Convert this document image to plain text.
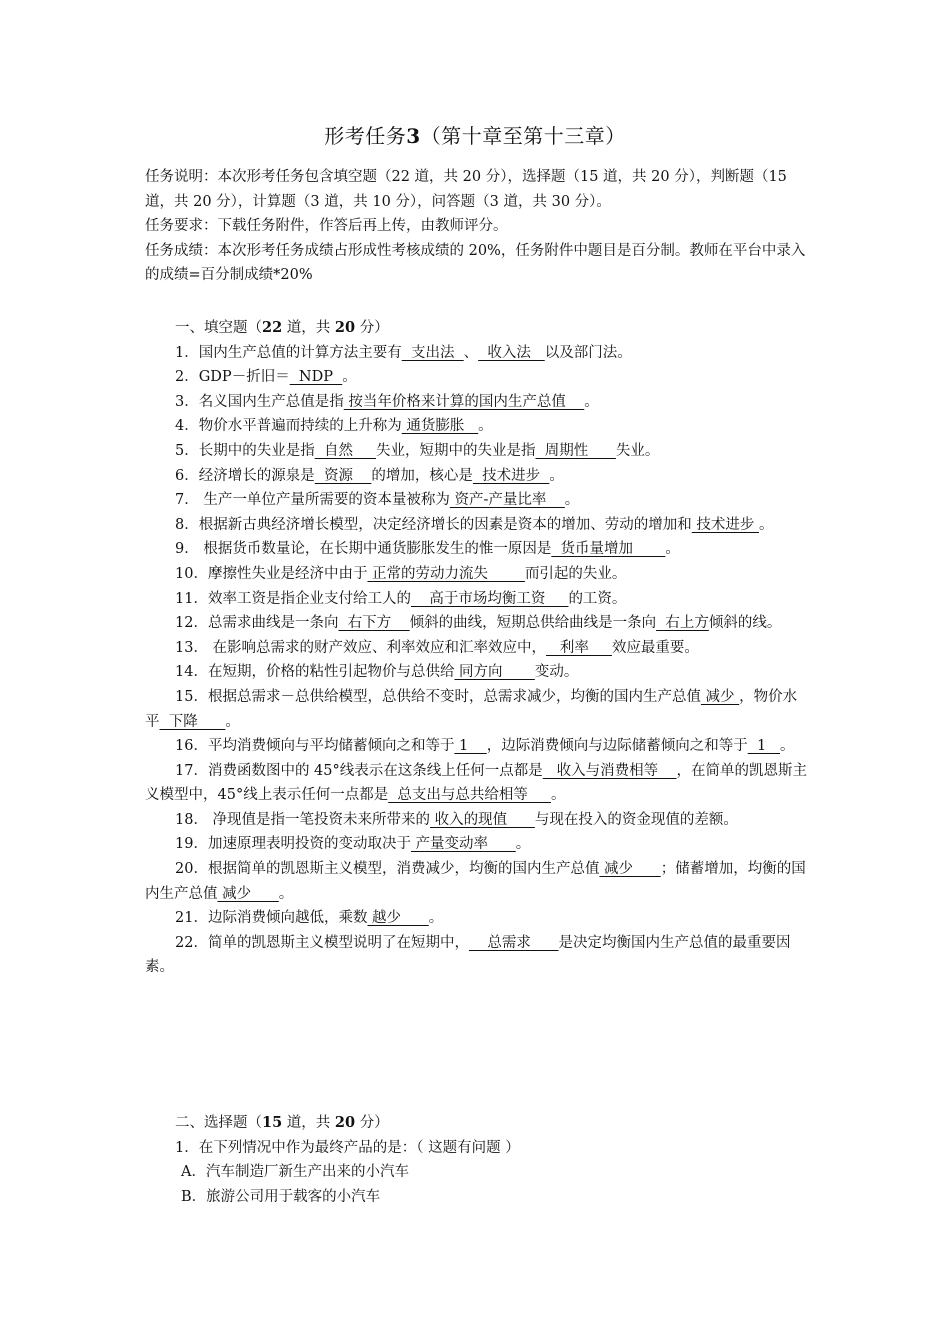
形考任务3（第十章至第十三章）

任务说明：本次形考任务包含填空题（22 道，共 20 分），选择题（15 道，共 20 分），判断题（15 道，共 20 分），计算题（3 道，共 10 分），问答题（3 道，共 30 分）。

任务要求：下载任务附件，作答后再上传，由教师评分。

任务成绩：本次形考任务成绩占形成性考核成绩的 20%，任务附件中题目是百分制。教师在平台中录入的成绩=百分制成绩*20%

一、填空题（22 道，共 20 分）

1．国内生产总值的计算方法主要有  支出法  、  收入法   以及部门法。

2．GDP－折旧＝  NDP  。

3．名义国内生产总值是指 按当年价格来计算的国内生产总值    。

4．物价水平普遍而持续的上升称为 通货膨胀   。

5．长期中的失业是指  自然     失业，短期中的失业是指  周期性      失业。

6．经济增长的源泉是  资源    的增加，核心是  技术进步  。

7． 生产一单位产量所需要的资本量被称为 资产-产量比率    。

8．根据新古典经济增长模型，决定经济增长的因素是资本的增加、劳动的增加和 技术进步 。

9． 根据货币数量论，在长期中通货膨胀发生的惟一原因是  货币量增加       。

10．摩擦性失业是经济中由于 正常的劳动力流失        而引起的失业。

11．效率工资是指企业支付给工人的    高于市场均衡工资     的工资。

12．总需求曲线是一条向  右下方    倾斜的曲线，短期总供给曲线是一条向  右上方倾斜的线。

13． 在影响总需求的财产效应、利率效应和汇率效应中，   利率     效应最重要。

14．在短期，价格的粘性引起物价与总供给 同方向       变动。

15．根据总需求－总供给模型，总供给不变时，总需求减少，均衡的国内生产总值 减少 ，物价水平  下降      。

16．平均消费倾向与平均储蓄倾向之和等于 1    ，边际消费倾向与边际储蓄倾向之和等于  1   。

17．消费函数图中的 45°线表示在这条线上任何一点都是   收入与消费相等    ，在简单的凯恩斯主义模型中，45°线上表示任何一点都是  总支出与总共给相等     。

18． 净现值是指一笔投资未来所带来的 收入的现值      与现在投入的资金现值的差额。

19．加速原理表明投资的变动取决于 产量变动率      。

20．根据简单的凯恩斯主义模型，消费减少，均衡的国内生产总值 减少      ；储蓄增加，均衡的国内生产总值 减少      。

21．边际消费倾向越低，乘数 越少      。

22．简单的凯恩斯主义模型说明了在短期中，    总需求      是决定均衡国内生产总值的最重要因素。

二、选择题（15 道，共 20 分）

1．在下列情况中作为最终产品的是：（ 这题有问题 ）

A．汽车制造厂新生产出来的小汽车

B．旅游公司用于载客的小汽车
